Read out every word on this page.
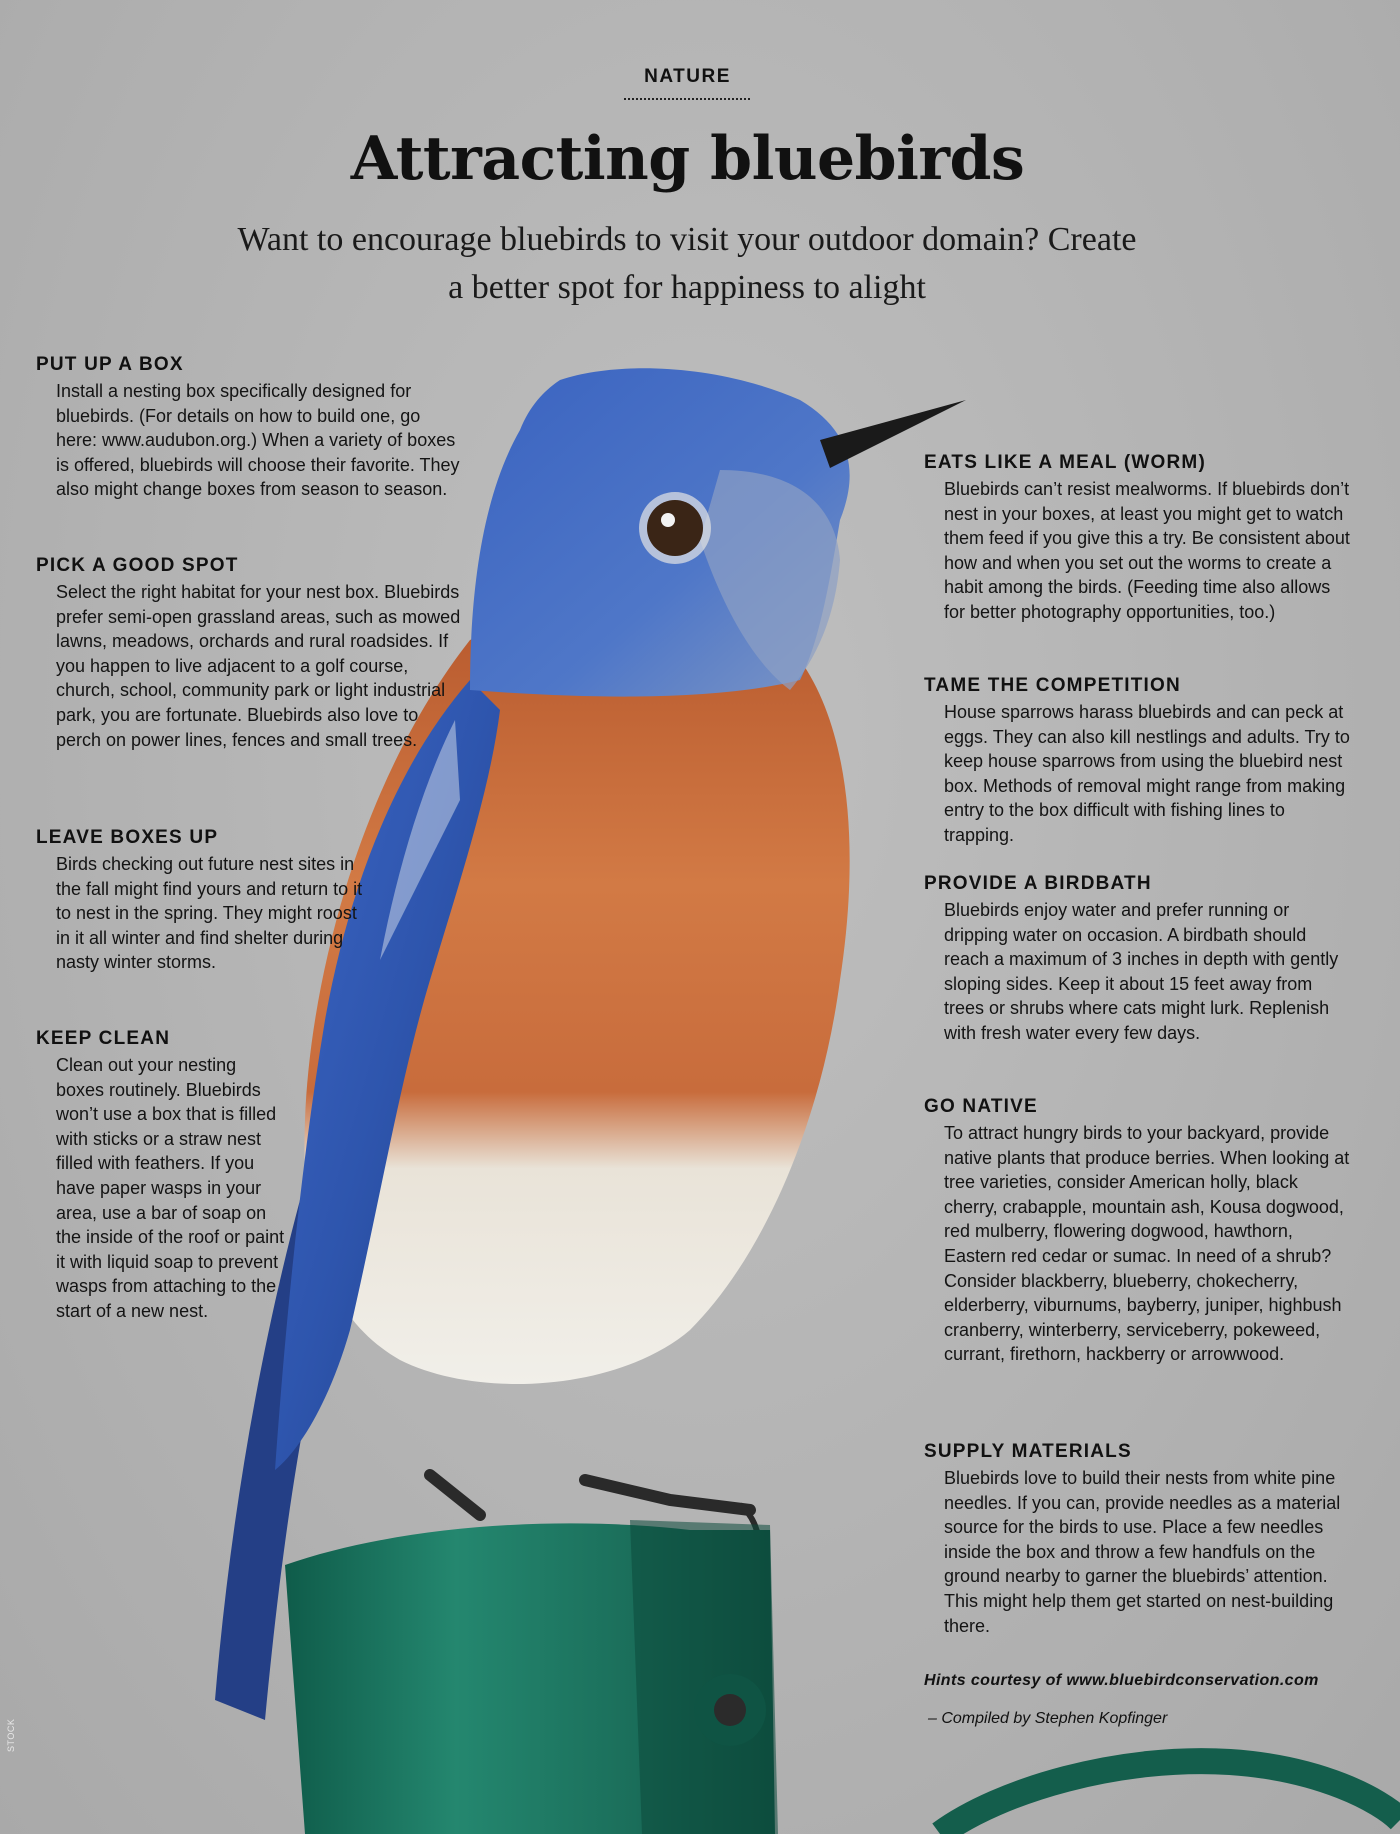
NATURE
Attracting bluebirds

Want to encourage bluebirds to visit your outdoor domain? Create a better spot for happiness to alight

PUT UP A BOX

Install a nesting box specifically designed for bluebirds. (For details on how to build one, go here: www.audubon.org.) When a variety of boxes is offered, bluebirds will choose their favorite. They also might change boxes from season to season.

PICK A GOOD SPOT

Select the right habitat for your nest box. Bluebirds prefer semi-open grassland areas, such as mowed lawns, meadows, orchards and rural roadsides. If you happen to live adjacent to a golf course, church, school, community park or light industrial park, you are fortunate. Bluebirds also love to perch on power lines, fences and small trees.

LEAVE BOXES UP

Birds checking out future nest sites in the fall might find yours and return to it to nest in the spring. They might roost in it all winter and find shelter during nasty winter storms.

KEEP CLEAN

Clean out your nesting boxes routinely. Bluebirds won’t use a box that is filled with sticks or a straw nest filled with feathers. If you have paper wasps in your area, use a bar of soap on the inside of the roof or paint it with liquid soap to prevent wasps from attaching to the start of a new nest.

EATS LIKE A MEAL (WORM)

Bluebirds can’t resist mealworms. If bluebirds don’t nest in your boxes, at least you might get to watch them feed if you give this a try. Be consistent about how and when you set out the worms to create a habit among the birds. (Feeding time also allows for better photography opportunities, too.)

TAME THE COMPETITION

House sparrows harass bluebirds and can peck at eggs. They can also kill nestlings and adults. Try to keep house sparrows from using the bluebird nest box. Methods of removal might range from making entry to the box difficult with fishing lines to trapping.

PROVIDE A BIRDBATH

Bluebirds enjoy water and prefer running or dripping water on occasion. A birdbath should reach a maximum of 3 inches in depth with gently sloping sides. Keep it about 15 feet away from trees or shrubs where cats might lurk. Replenish with fresh water every few days.

GO NATIVE

To attract hungry birds to your backyard, provide native plants that produce berries. When looking at tree varieties, consider American holly, black cherry, crabapple, mountain ash, Kousa dogwood, red mulberry, flowering dogwood, hawthorn, Eastern red cedar or sumac. In need of a shrub? Consider blackberry, blueberry, chokecherry, elderberry, viburnums, bayberry, juniper, highbush cranberry, winterberry, serviceberry, pokeweed, currant, firethorn, hackberry or arrowwood.

SUPPLY MATERIALS

Bluebirds love to build their nests from white pine needles. If you can, provide needles as a material source for the birds to use. Place a few needles inside the box and throw a few handfuls on the ground nearby to garner the bluebirds’ attention. This might help them get started on nest-building there.

Hints courtesy of www.bluebirdconservation.com

– Compiled by Stephen Kopfinger

STOCK
